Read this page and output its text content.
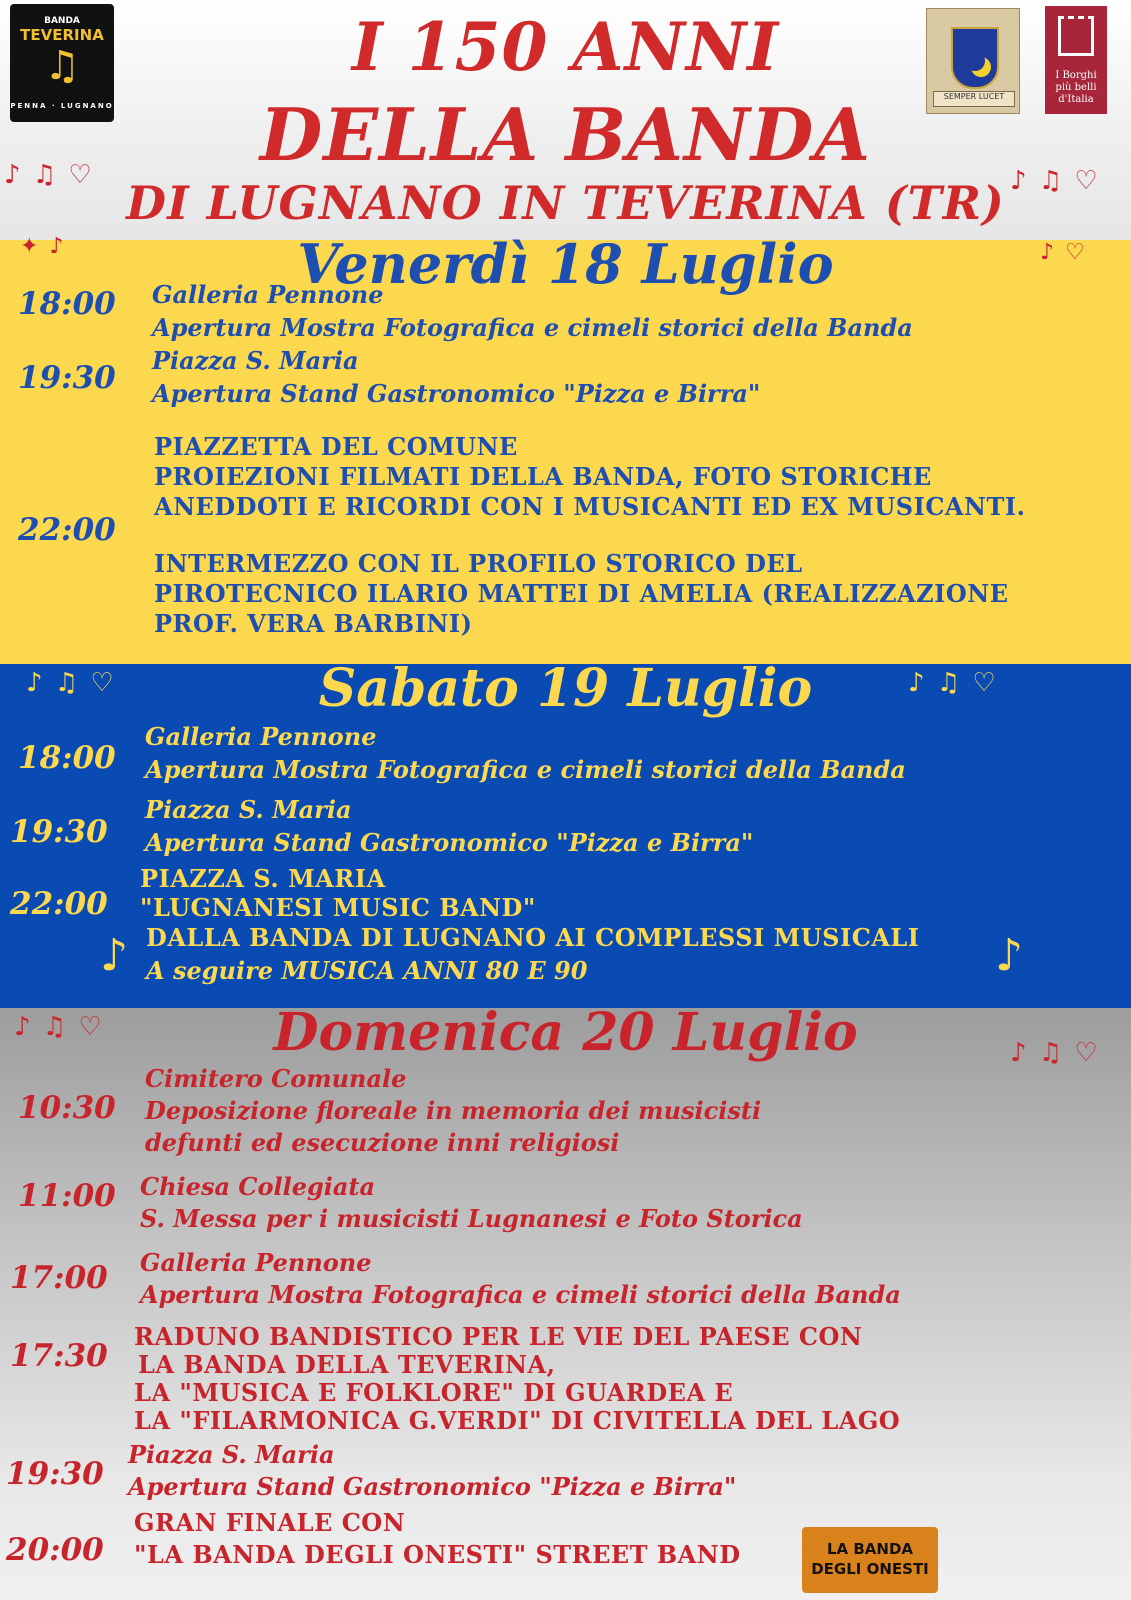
BANDA
TEVERINA
♫
PENNA · LUGNANO
I 150 ANNI
DELLA BANDA
DI LUGNANO IN TEVERINA (TR)
SEMPER LUCET
I Borghi
più belli
d'Italia
♪ ♫ ♡	♪ ♫ ♡
✦ ♪	♪ ♡
Venerdì 18 Luglio
18:00 Galleria Pennone
Apertura Mostra Fotografica e cimeli storici della Banda
19:30 Piazza S. Maria
Apertura Stand Gastronomico "Pizza e Birra"
22:00
PIAZZETTA DEL COMUNE
PROIEZIONI FILMATI DELLA BANDA, FOTO STORICHE
ANEDDOTI E RICORDI CON I MUSICANTI ED EX MUSICANTI.
INTERMEZZO CON IL PROFILO STORICO DEL
PIROTECNICO ILARIO MATTEI DI AMELIA (REALIZZAZIONE
PROF. VERA BARBINI)
♪ ♫ ♡	♪ ♫ ♡
Sabato 19 Luglio
18:00
Galleria Pennone
Apertura Mostra Fotografica e cimeli storici della Banda
19:30
Piazza S. Maria
Apertura Stand Gastronomico "Pizza e Birra"
22:00
PIAZZA S. MARIA
"LUGNANESI MUSIC BAND"
DALLA BANDA DI LUGNANO AI COMPLESSI MUSICALI
A seguire MUSICA ANNI 80 E 90
♪	♪
♪ ♫ ♡
♪ ♫ ♡
Domenica 20 Luglio
10:30
Cimitero Comunale
Deposizione floreale in memoria dei musicisti
defunti ed esecuzione inni religiosi
11:00 Chiesa Collegiata
S. Messa per i musicisti Lugnanesi e Foto Storica
17:00 Galleria Pennone
Apertura Mostra Fotografica e cimeli storici della Banda
17:30
RADUNO BANDISTICO PER LE VIE DEL PAESE CON
LA BANDA DELLA TEVERINA,
LA "MUSICA E FOLKLORE" DI GUARDEA E
LA "FILARMONICA G.VERDI" DI CIVITELLA DEL LAGO
19:30
Piazza S. Maria
Apertura Stand Gastronomico "Pizza e Birra"
20:00
GRAN FINALE CON
"LA BANDA DEGLI ONESTI" STREET BAND	LA BANDA
DEGLI ONESTI
